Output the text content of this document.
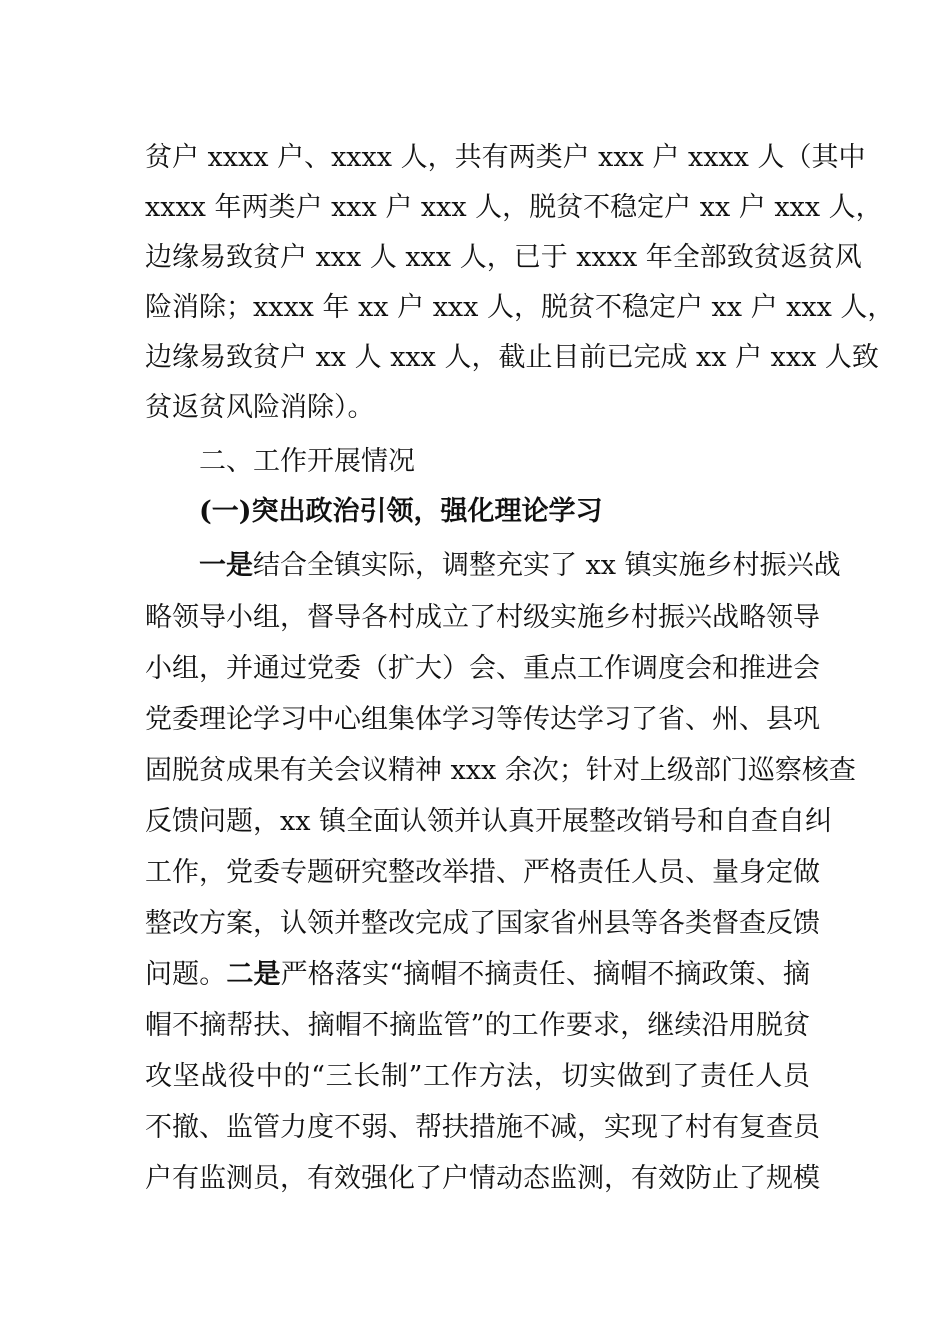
贫户 xxxx 户、xxxx 人，共有两类户 xxx 户 xxxx 人（其中
xxxx 年两类户 xxx 户 xxx 人，脱贫不稳定户 xx 户 xxx 人，
边缘易致贫户 xxx 人 xxx 人，已于 xxxx 年全部致贫返贫风
险消除；xxxx 年 xx 户 xxx 人，脱贫不稳定户 xx 户 xxx 人，
边缘易致贫户 xx 人 xxx 人，截止目前已完成 xx 户 xxx 人致
贫返贫风险消除）。
二、工作开展情况
(一)突出政治引领，强化理论学习
一是结合全镇实际，调整充实了 xx 镇实施乡村振兴战
略领导小组，督导各村成立了村级实施乡村振兴战略领导
小组，并通过党委（扩大）会、重点工作调度会和推进会
党委理论学习中心组集体学习等传达学习了省、州、县巩
固脱贫成果有关会议精神 xxx 余次；针对上级部门巡察核查
反馈问题，xx 镇全面认领并认真开展整改销号和自查自纠
工作，党委专题研究整改举措、严格责任人员、量身定做
整改方案，认领并整改完成了国家省州县等各类督查反馈
问题。二是严格落实“摘帽不摘责任、摘帽不摘政策、摘
帽不摘帮扶、摘帽不摘监管”的工作要求，继续沿用脱贫
攻坚战役中的“三长制”工作方法，切实做到了责任人员
不撤、监管力度不弱、帮扶措施不减，实现了村有复查员
户有监测员，有效强化了户情动态监测，有效防止了规模
